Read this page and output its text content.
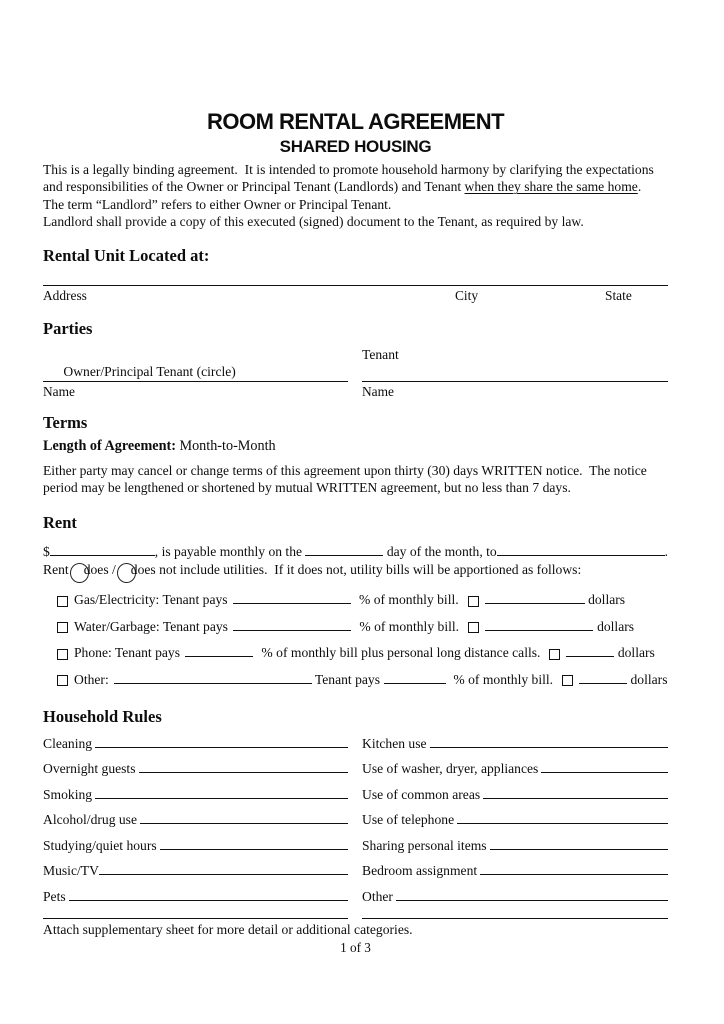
ROOM RENTAL AGREEMENT
SHARED HOUSING
This is a legally binding agreement.  It is intended to promote household harmony by clarifying the expectations and responsibilities of the Owner or Principal Tenant (Landlords) and Tenant when they share the same home.  The term “Landlord” refers to either Owner or Principal Tenant.
Landlord shall provide a copy of this executed (signed) document to the Tenant, as required by law.
Rental Unit Located at:
Address	City	State
Parties

Owner/Principal Tenant (circle)

Tenant

Name	Name
Terms
Length of Agreement: Month-to-Month
Either party may cancel or change terms of this agreement upon thirty (30) days WRITTEN notice.  The notice period may be lengthened or shortened by mutual WRITTEN agreement, but no less than 7 days.
Rent
$	, is payable monthly on the	day of the month, to	.
Rent does / does not include utilities.  If it does not, utility bills will be apportioned as follows:
Gas/Electricity: Tenant pays	% of monthly bill.	dollars
Water/Garbage: Tenant pays	% of monthly bill.	dollars
Phone: Tenant pays	% of monthly bill plus personal long distance calls.	dollars
Other:	Tenant pays	% of monthly bill.	dollars
Household Rules
Cleaning	Kitchen use
Overnight guests	Use of washer, dryer, appliances
Smoking	Use of common areas
Alcohol/drug use	Use of telephone
Studying/quiet hours	Sharing personal items
Music/TV	Bedroom assignment
Pets	Other
Attach supplementary sheet for more detail or additional categories.
1 of 3
